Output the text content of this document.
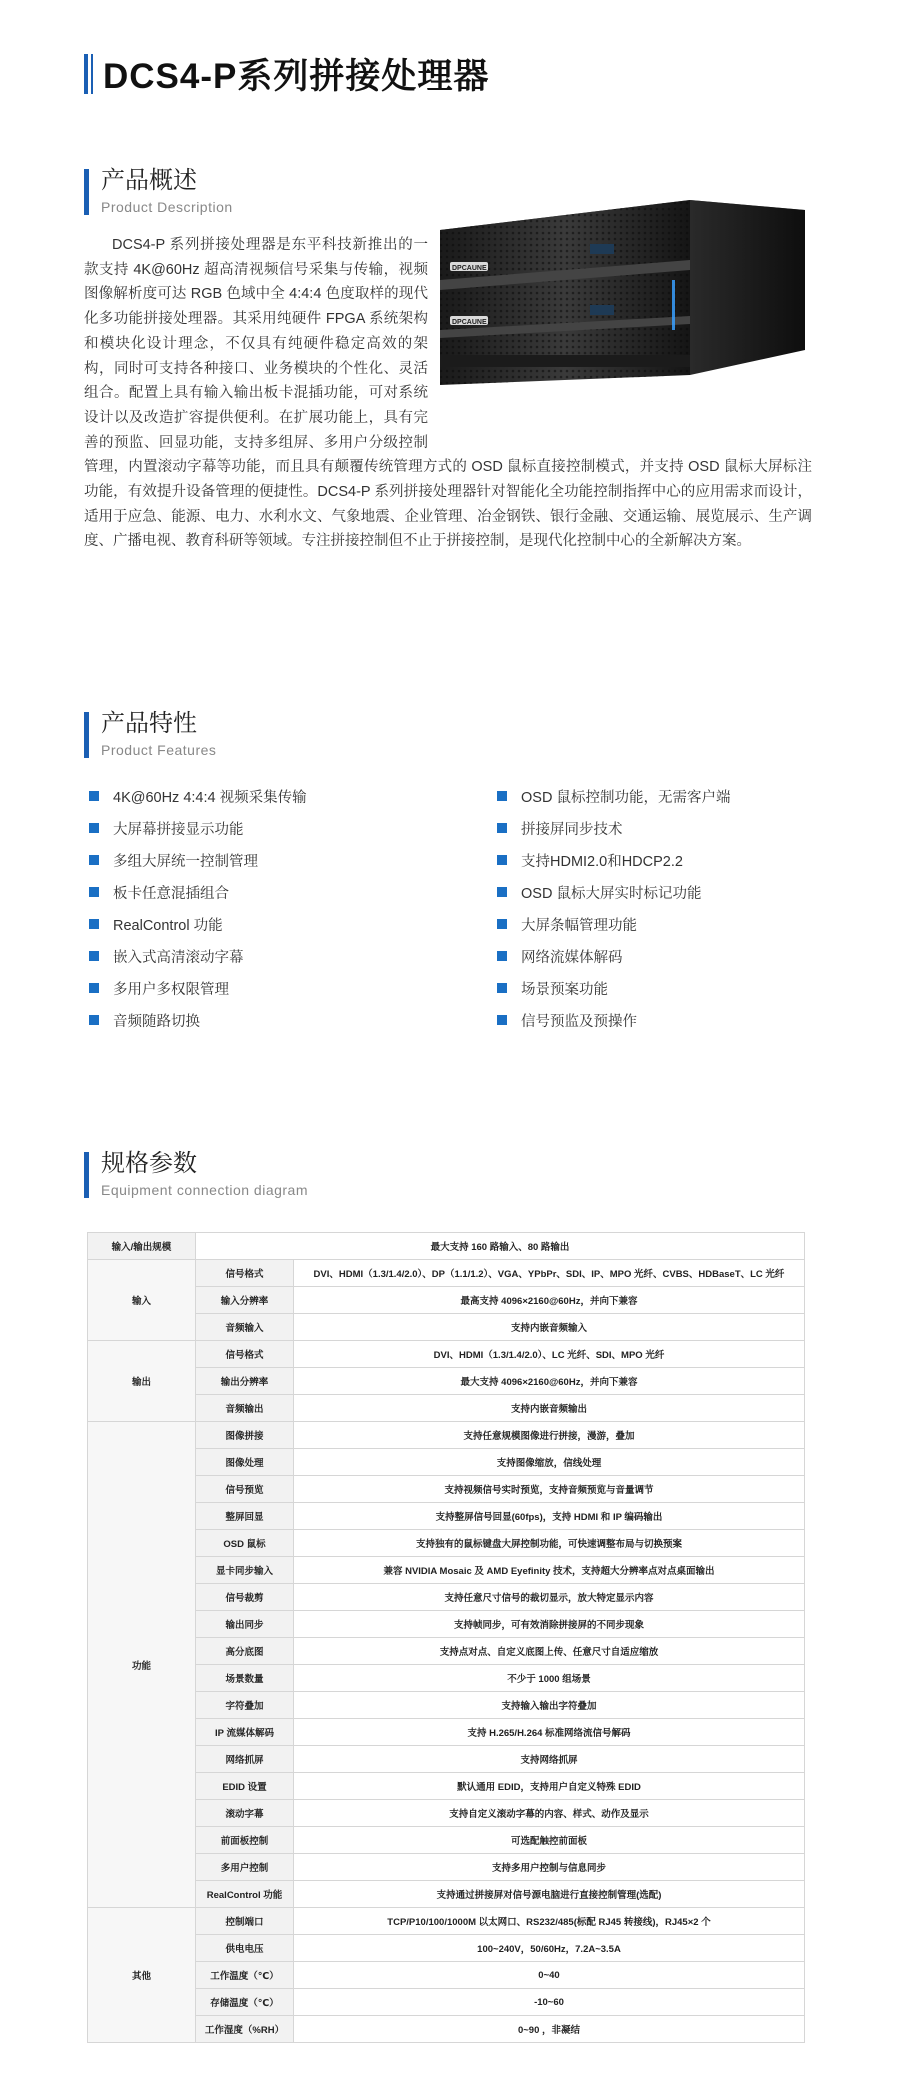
DCS4-P系列拼接处理器
产品概述
Product Description

DCS4-P 系列拼接处理器是东平科技新推出的一款支持 4K@60Hz 超高清视频信号采集与传输，视频图像解析度可达 RGB 色域中全 4:4:4 色度取样的现代化多功能拼接处理器。其采用纯硬件 FPGA 系统架构和模块化设计理念，不仅具有纯硬件稳定高效的架构，同时可支持各种接口、业务模块的个性化、灵活组合。配置上具有输入输出板卡混插功能，可对系统设计以及改造扩容提供便利。在扩展功能上，具有完善的预监、回显功能，支持多组屏、多用户分级控制管理，内置滚动字幕等功能，而且具有颠覆传统管理方式的 OSD 鼠标直接控制模式，并支持 OSD 鼠标大屏标注功能，有效提升设备管理的便捷性。DCS4-P 系列拼接处理器针对智能化全功能控制指挥中心的应用需求而设计，适用于应急、能源、电力、水利水文、气象地震、企业管理、冶金钢铁、银行金融、交通运输、展览展示、生产调度、广播电视、教育科研等领域。专注拼接控制但不止于拼接控制，是现代化控制中心的全新解决方案。

DPCAUNE
DPCAUNE
产品特性
Product Features
4K@60Hz 4:4:4 视频采集传输
大屏幕拼接显示功能
多组大屏统一控制管理
板卡任意混插组合
RealControl 功能
嵌入式高清滚动字幕
多用户多权限管理
音频随路切换
OSD 鼠标控制功能，无需客户端
拼接屏同步技术
支持HDMI2.0和HDCP2.2
OSD 鼠标大屏实时标记功能
大屏条幅管理功能
网络流媒体解码
场景预案功能
信号预监及预操作
规格参数
Equipment connection diagram
输入/输出规模	最大支持 160 路输入、80 路输出	
输入	信号格式	DVI、HDMI（1.3/1.4/2.0）、DP（1.1/1.2）、VGA、YPbPr、SDI、IP、MPO 光纤、CVBS、HDBaseT、LC 光纤
	输入分辨率	最高支持 4096×2160@60Hz，并向下兼容
	音频输入	支持内嵌音频输入
输出	信号格式	DVI、HDMI（1.3/1.4/2.0）、LC 光纤、SDI、MPO 光纤
	输出分辨率	最大支持 4096×2160@60Hz，并向下兼容
	音频输出	支持内嵌音频输出
功能	图像拼接	支持任意规模图像进行拼接，漫游，叠加
	图像处理	支持图像缩放，信线处理
	信号预览	支持视频信号实时预览，支持音频预览与音量调节
	整屏回显	支持整屏信号回显(60fps)，支持 HDMI 和 IP 编码输出
	OSD 鼠标	支持独有的鼠标键盘大屏控制功能，可快速调整布局与切换预案
	显卡同步输入	兼容 NVIDIA Mosaic 及 AMD Eyefinity 技术，支持超大分辨率点对点桌面输出
	信号裁剪	支持任意尺寸信号的裁切显示，放大特定显示内容
	输出同步	支持帧同步，可有效消除拼接屏的不同步现象
	高分底图	支持点对点、自定义底图上传、任意尺寸自适应缩放
	场景数量	不少于 1000 组场景
	字符叠加	支持输入输出字符叠加
	IP 流媒体解码	支持 H.265/H.264 标准网络流信号解码
	网络抓屏	支持网络抓屏
	EDID 设置	默认通用 EDID，支持用户自定义特殊 EDID
	滚动字幕	支持自定义滚动字幕的内容、样式、动作及显示
	前面板控制	可选配触控前面板
	多用户控制	支持多用户控制与信息同步
	RealControl 功能	支持通过拼接屏对信号源电脑进行直接控制管理(选配)
其他	控制端口	TCP/P10/100/1000M 以太网口、RS232/485(标配 RJ45 转接线)，RJ45×2 个
	供电电压	100~240V，50/60Hz，7.2A~3.5A
	工作温度（℃）	0~40
	存储温度（℃）	-10~60
	工作湿度（%RH）	0~90 ，非凝结
